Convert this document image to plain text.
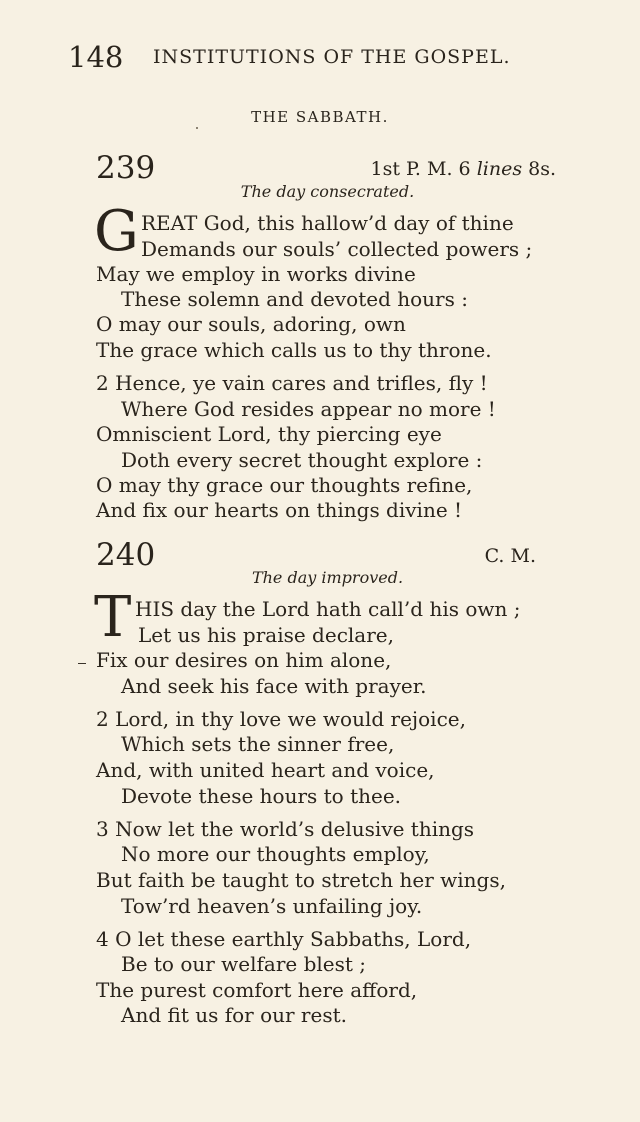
148 INSTITUTIONS OF THE GOSPEL.
THE SABBATH.
239	1st P. M. 6 lines 8s.
The day consecrated.
G REAT God, this hallow’d day of thine
Demands our souls’ collected powers ;
May we employ in works divine
These solemn and devoted hours :
O may our souls, adoring, own
The grace which calls us to thy throne.
2 Hence, ye vain cares and trifles, fly !
Where God resides appear no more !
Omniscient Lord, thy piercing eye
Doth every secret thought explore :
O may thy grace our thoughts refine,
And fix our hearts on things divine !
240	C. M.
The day improved.
T HIS day the Lord hath call’d his own ;
Let us his praise declare,
Fix our desires on him alone,
And seek his face with prayer.
2 Lord, in thy love we would rejoice,
Which sets the sinner free,
And, with united heart and voice,
Devote these hours to thee.
3 Now let the world’s delusive things
No more our thoughts employ,
But faith be taught to stretch her wings,
Tow’rd heaven’s unfailing joy.
4 O let these earthly Sabbaths, Lord,
Be to our welfare blest ;
The purest comfort here afford,
And fit us for our rest.
